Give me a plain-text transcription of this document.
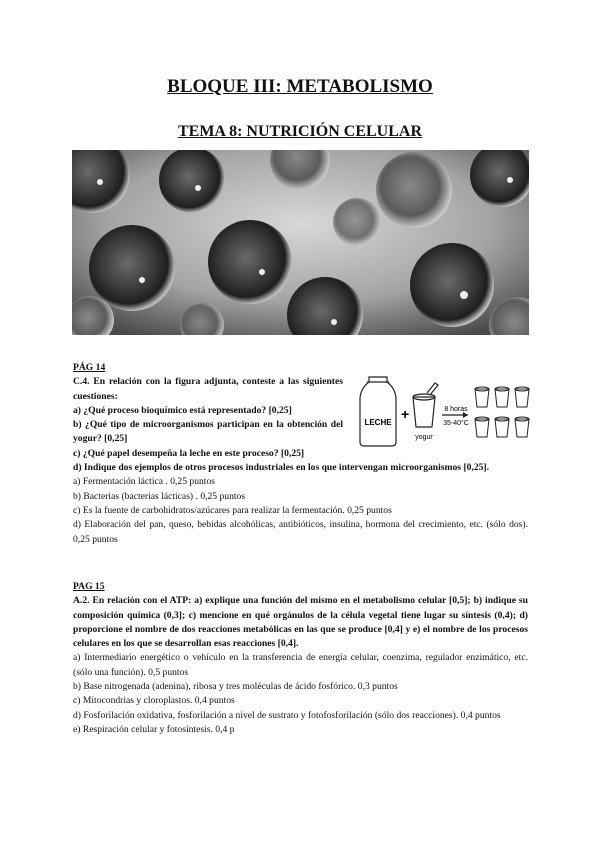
BLOQUE III: METABOLISMO
TEMA 8: NUTRICIÓN CELULAR
PÁG 14
C.4. En relación con la figura adjunta, conteste a las siguientes cuestiones:
a) ¿Qué proceso bioquímico está representado? [0,25]
b) ¿Qué tipo de microorganismos participan en la obtención del yogur? [0,25]
c) ¿Qué papel desempeña la leche en este proceso? [0,25]
d) Indique dos ejemplos de otros procesos industriales en los que intervengan microorganismos [0,25].
a) Fermentación láctica . 0,25 puntos
b) Bacterias (bacterias lácticas) . 0,25 puntos
c) Es la fuente de carbohidratos/azúcares para realizar la fermentación. 0,25 puntos
d) Elaboración del pan, queso, bebidas alcohólicas, antibióticos, insulina, hormona del crecimiento, etc. (sólo dos). 0,25 puntos
LECHE
+
yogur
8 horas
35-40°C
PAG 15
A.2. En relación con el ATP: a) explique una función del mismo en el metabolismo celular [0,5]; b) indique su composición química (0,3]; c) mencione en qué orgánulos de la célula vegetal tiene lugar su síntesis (0,4); d) proporcione el nombre de dos reacciones metabólicas en las que se produce [0,4] y e) el nombre de los procesos celulares en los que se desarrollan esas reacciones [0,4].
a) Intermediario energético o vehículo en la transferencia de energía celular, coenzima, regulador enzimático, etc. (sólo una función). 0,5 puntos
b) Base nitrogenada (adenina), ribosa y tres moléculas de ácido fosfórico. 0,3 puntos
c) Mitocondrias y cloroplastos. 0,4 puntos
d) Fosforilación oxidativa, fosforilación a nivel de sustrato y fotofosforilación (sólo dos reacciones). 0,4 puntos
e) Respiración celular y fotosíntesis. 0,4 p
